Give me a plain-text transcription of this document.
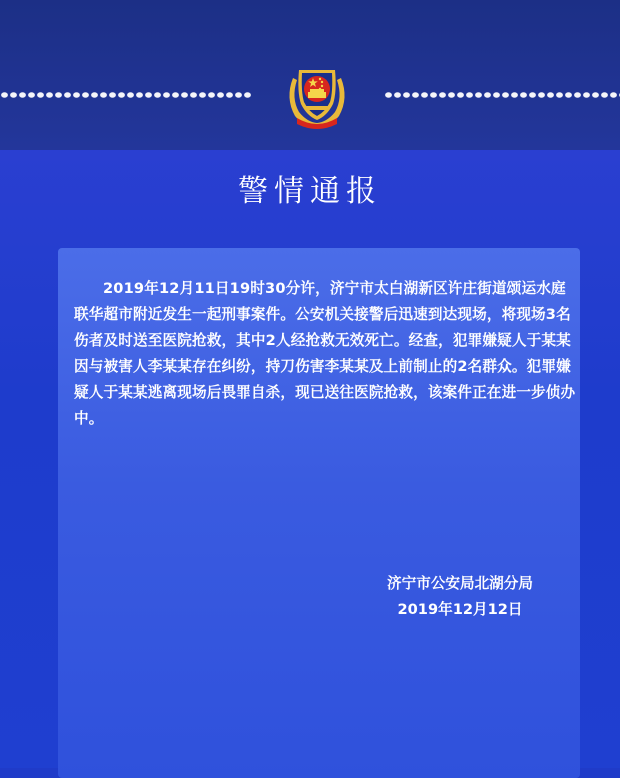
警情通报
2019年12月11日19时30分许，济宁市太白湖新区许庄街道颂运水庭联华超市附近发生一起刑事案件。公安机关接警后迅速到达现场，将现场3名伤者及时送至医院抢救，其中2人经抢救无效死亡。经查，犯罪嫌疑人于某某因与被害人李某某存在纠纷，持刀伤害李某某及上前制止的2名群众。犯罪嫌疑人于某某逃离现场后畏罪自杀，现已送往医院抢救，该案件正在进一步侦办中。
济宁市公安局北湖分局
2019年12月12日
